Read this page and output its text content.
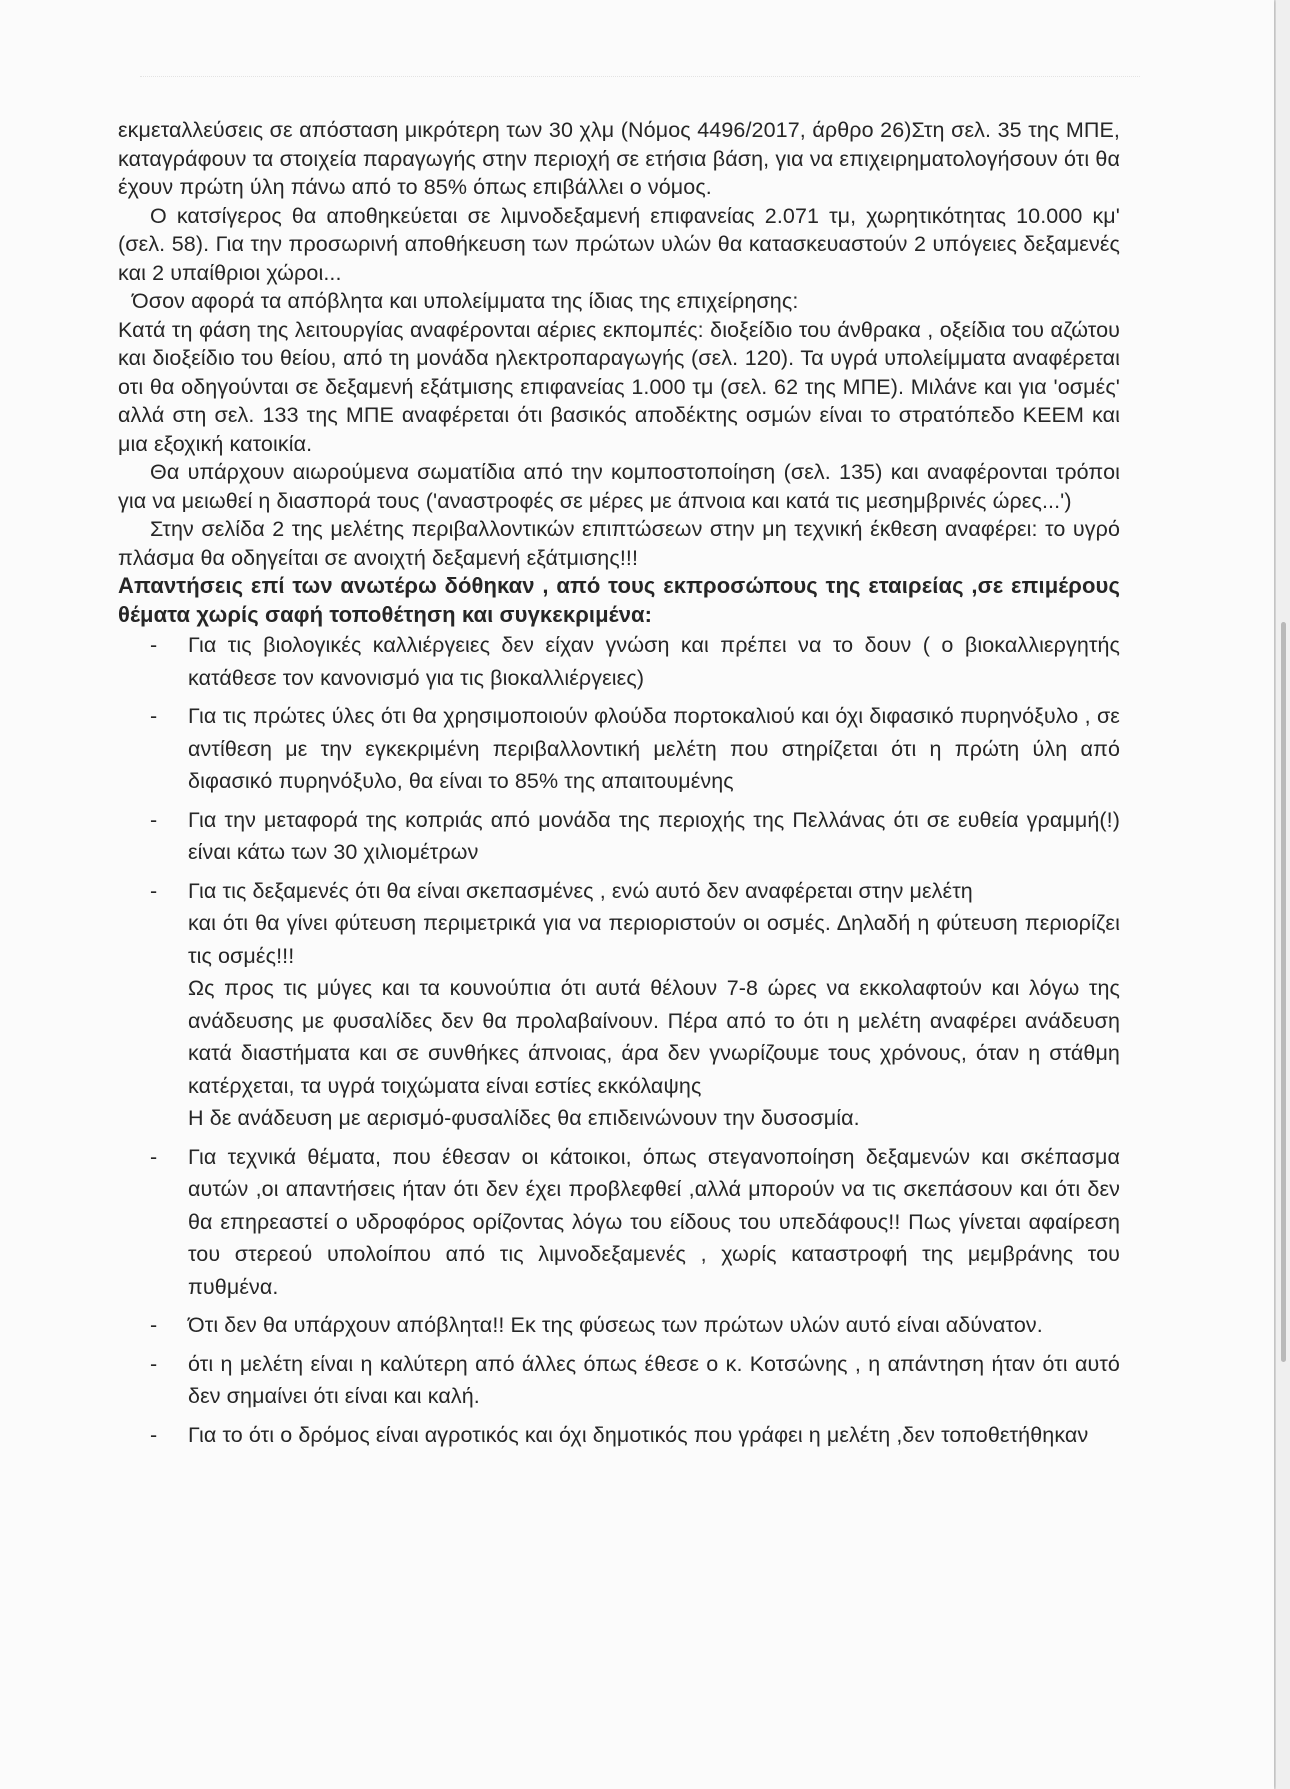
εκμεταλλεύσεις σε απόσταση μικρότερη των 30 χλμ (Νόμος 4496/2017, άρθρο 26)Στη σελ. 35 της ΜΠΕ, καταγράφουν τα στοιχεία παραγωγής στην περιοχή σε ετήσια βάση, για να επιχειρηματολογήσουν ότι θα έχουν πρώτη ύλη πάνω από το 85% όπως επιβάλλει ο νόμος.

Ο κατσίγερος θα αποθηκεύεται σε λιμνοδεξαμενή επιφανείας 2.071 τμ, χωρητικότητας 10.000 κμ' (σελ. 58). Για την προσωρινή αποθήκευση των πρώτων υλών θα κατασκευαστούν 2 υπόγειες δεξαμενές και 2 υπαίθριοι χώροι...

Όσον αφορά τα απόβλητα και υπολείμματα της ίδιας της επιχείρησης:

Κατά τη φάση της λειτουργίας αναφέρονται αέριες εκπομπές: διοξείδιο του άνθρακα , οξείδια του αζώτου και διοξείδιο του θείου, από τη μονάδα ηλεκτροπαραγωγής (σελ. 120). Τα υγρά υπολείμματα αναφέρεται οτι θα οδηγούνται σε δεξαμενή εξάτμισης επιφανείας 1.000 τμ (σελ. 62 της ΜΠΕ). Μιλάνε και για 'οσμές' αλλά στη σελ. 133 της ΜΠΕ αναφέρεται ότι βασικός αποδέκτης οσμών είναι το στρατόπεδο ΚΕΕΜ και μια εξοχική κατοικία.

Θα υπάρχουν αιωρούμενα σωματίδια από την κομποστοποίηση (σελ. 135) και αναφέρονται τρόποι για να μειωθεί η διασπορά τους ('αναστροφές σε μέρες με άπνοια και κατά τις μεσημβρινές ώρες...')

Στην σελίδα 2 της μελέτης περιβαλλοντικών επιπτώσεων στην μη τεχνική έκθεση αναφέρει: το υγρό πλάσμα θα οδηγείται σε ανοιχτή δεξαμενή εξάτμισης!!!

Απαντήσεις επί των ανωτέρω δόθηκαν , από τους εκπροσώπους της εταιρείας ,σε επιμέρους θέματα χωρίς σαφή τοποθέτηση και συγκεκριμένα:

- Για τις βιολογικές καλλιέργειες δεν είχαν γνώση και πρέπει να το δουν ( ο βιοκαλλιεργητής κατάθεσε τον κανονισμό για τις βιοκαλλιέργειες)
- Για τις πρώτες ύλες ότι θα χρησιμοποιούν φλούδα πορτοκαλιού και όχι διφασικό πυρηνόξυλο , σε αντίθεση με την εγκεκριμένη περιβαλλοντική μελέτη που στηρίζεται ότι η πρώτη ύλη από διφασικό πυρηνόξυλο, θα είναι το 85% της απαιτουμένης
- Για την μεταφορά της κοπριάς από μονάδα της περιοχής της Πελλάνας ότι σε ευθεία γραμμή(!) είναι κάτω των 30 χιλιομέτρων
- Για τις δεξαμενές ότι θα είναι σκεπασμένες , ενώ αυτό δεν αναφέρεται στην μελέτη
και ότι θα γίνει φύτευση περιμετρικά για να περιοριστούν οι οσμές. Δηλαδή η φύτευση περιορίζει τις οσμές!!!
Ως προς τις μύγες και τα κουνούπια ότι αυτά θέλουν 7-8 ώρες να εκκολαφτούν και λόγω της ανάδευσης με φυσαλίδες δεν θα προλαβαίνουν. Πέρα από το ότι η μελέτη αναφέρει ανάδευση κατά διαστήματα και σε συνθήκες άπνοιας, άρα δεν γνωρίζουμε τους χρόνους, όταν η στάθμη κατέρχεται, τα υγρά τοιχώματα είναι εστίες εκκόλαψης
Η δε ανάδευση με αερισμό-φυσαλίδες θα επιδεινώνουν την δυσοσμία.
- Για τεχνικά θέματα, που έθεσαν οι κάτοικοι, όπως στεγανοποίηση δεξαμενών και σκέπασμα αυτών ,οι απαντήσεις ήταν ότι δεν έχει προβλεφθεί ,αλλά μπορούν να τις σκεπάσουν και ότι δεν θα επηρεαστεί ο υδροφόρος ορίζοντας λόγω του είδους του υπεδάφους!! Πως γίνεται αφαίρεση του στερεού υπολοίπου από τις λιμνοδεξαμενές , χωρίς καταστροφή της μεμβράνης του πυθμένα.
- Ότι δεν θα υπάρχουν απόβλητα!! Εκ της φύσεως των πρώτων υλών αυτό είναι αδύνατον.
- ότι η μελέτη είναι η καλύτερη από άλλες όπως έθεσε ο κ. Κοτσώνης , η απάντηση ήταν ότι αυτό δεν σημαίνει ότι είναι και καλή.
- Για το ότι ο δρόμος είναι αγροτικός και όχι δημοτικός που γράφει η μελέτη ,δεν τοποθετήθηκαν
